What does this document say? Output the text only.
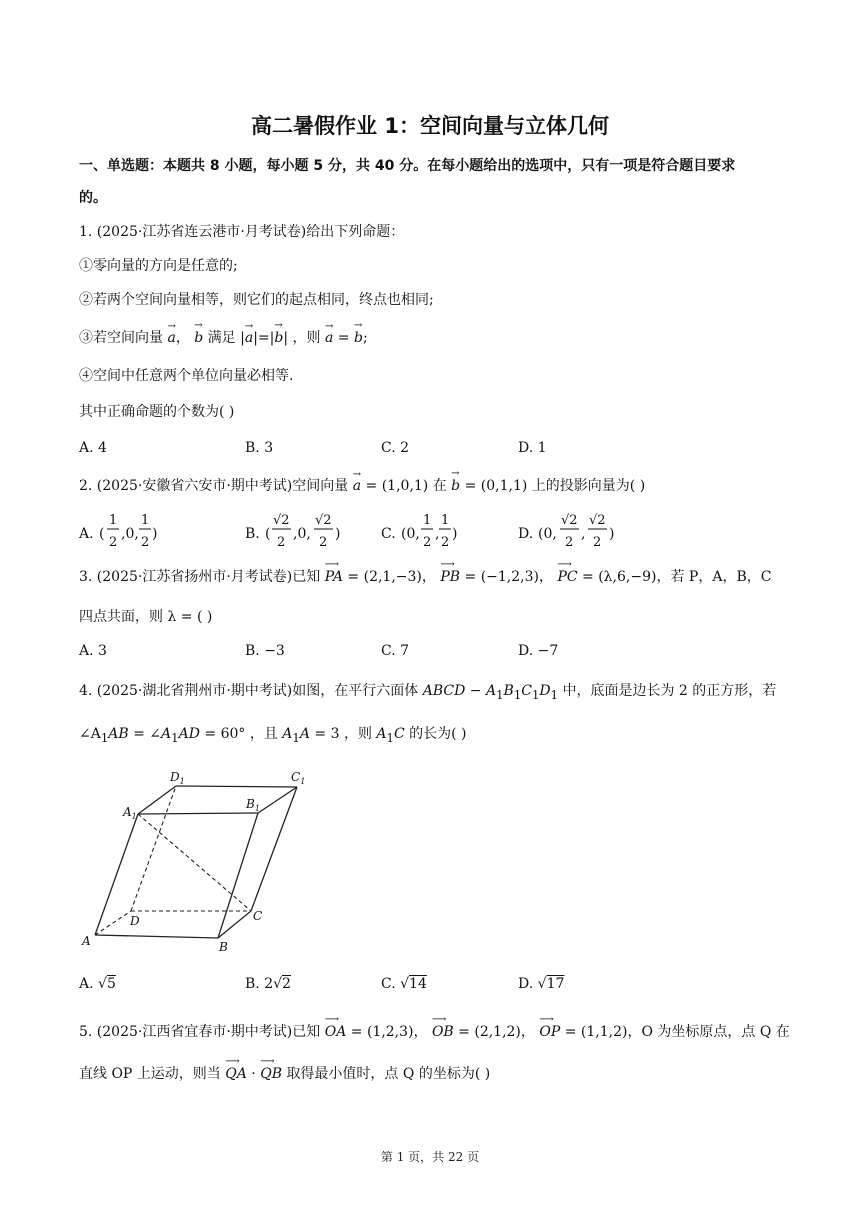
高二暑假作业 1：空间向量与立体几何
一、单选题：本题共 8 小题，每小题 5 分，共 40 分。在每小题给出的选项中，只有一项是符合题目要求
的。
1. (2025·江苏省连云港市·月考试卷)给出下列命题：
①零向量的方向是任意的;
②若两个空间向量相等，则它们的起点相同，终点也相同;
③若空间向量 a
→
， b
→
满足 |a
→
|=|b
→
| ，则 a
→
= b
→
;
④空间中任意两个单位向量必相等.
其中正确命题的个数为( )
A. 4	B. 3	C. 2	D. 1
2. (2025·安徽省六安市·期中考试)空间向量 a
→
= (1,0,1) 在 b
→
= (0,1,1) 上的投影向量为( )
A. (
1
2
,0,
1
2
)	B. (
√2
2
,0,
√2
2
)	C. (0,
1
2
,
1
2
)	D. (0,
√2
2
,
√2
2
)
3. (2025·江苏省扬州市·月考试卷)已知 PA
⟶
= (2,1,−3)， PB
⟶
= (−1,2,3)， PC
⟶
= (λ,6,−9)，若 P，A，B，C
四点共面，则 λ = ( )
A. 3	B. −3	C. 7	D. −7
4. (2025·湖北省荆州市·期中考试)如图，在平行六面体 ABCD − $A_1B_1C_1D_1$ 中，底面是边长为 2 的正方形，若
$\angle A_1AB$ = $\angle A_1AD = 60^\circ$ ，且 $A_1A = 3$ ，则 $A_1C$ 的长为( )
A	B
C
D
$A_1$
$B_1$
$C_1$
$D_1$
A. √5	B. 2√2	C. √14	D. √17
5. (2025·江西省宜春市·期中考试)已知 OA
⟶
= (1,2,3)， OB
⟶
= (2,1,2)， OP
⟶
= (1,1,2)，O 为坐标原点，点 Q 在
直线 OP 上运动，则当 QA
⟶
· QB
⟶
取得最小值时，点 Q 的坐标为( )
第 1 页，共 22 页
